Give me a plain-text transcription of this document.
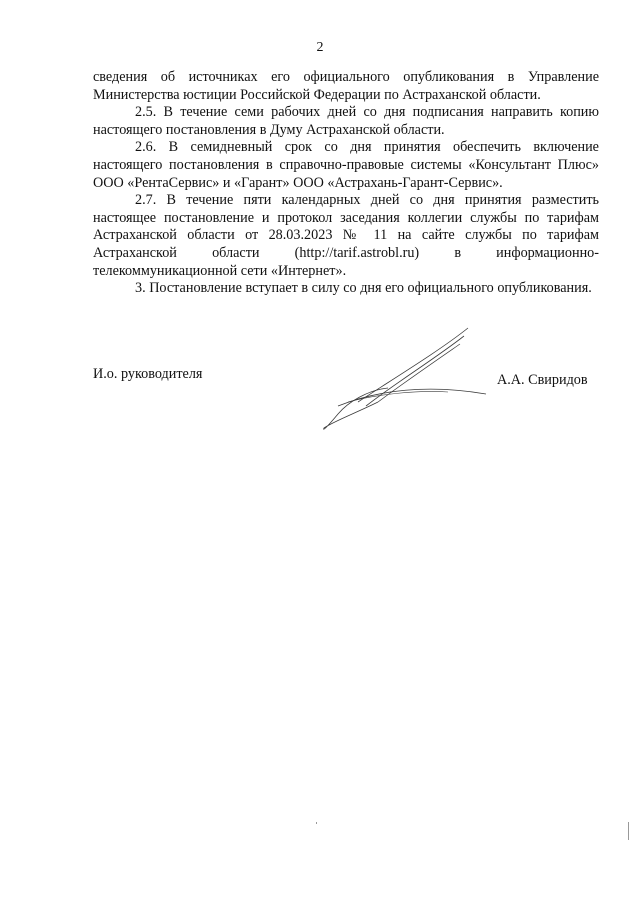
2

сведения об источниках его официального опубликования в Управление Министерства юстиции Российской Федерации по Астраханской области.

2.5. В течение семи рабочих дней со дня подписания направить копию настоящего постановления в Думу Астраханской области.

2.6. В семидневный срок со дня принятия обеспечить включение настоящего постановления в справочно-правовые системы «Консультант Плюс» ООО «РентаСервис» и «Гарант» ООО «Астрахань-Гарант-Сервис».

2.7. В течение пяти календарных дней со дня принятия разместить настоящее постановление и протокол заседания коллегии службы по тарифам Астраханской области от 28.03.2023 № 11 на сайте службы по тарифам Астраханской области (http://tarif.astrobl.ru) в информационно-телекоммуникационной сети «Интернет».

3. Постановление вступает в силу со дня его официального опубликования.

И.о. руководителя	А.А. Свиридов
